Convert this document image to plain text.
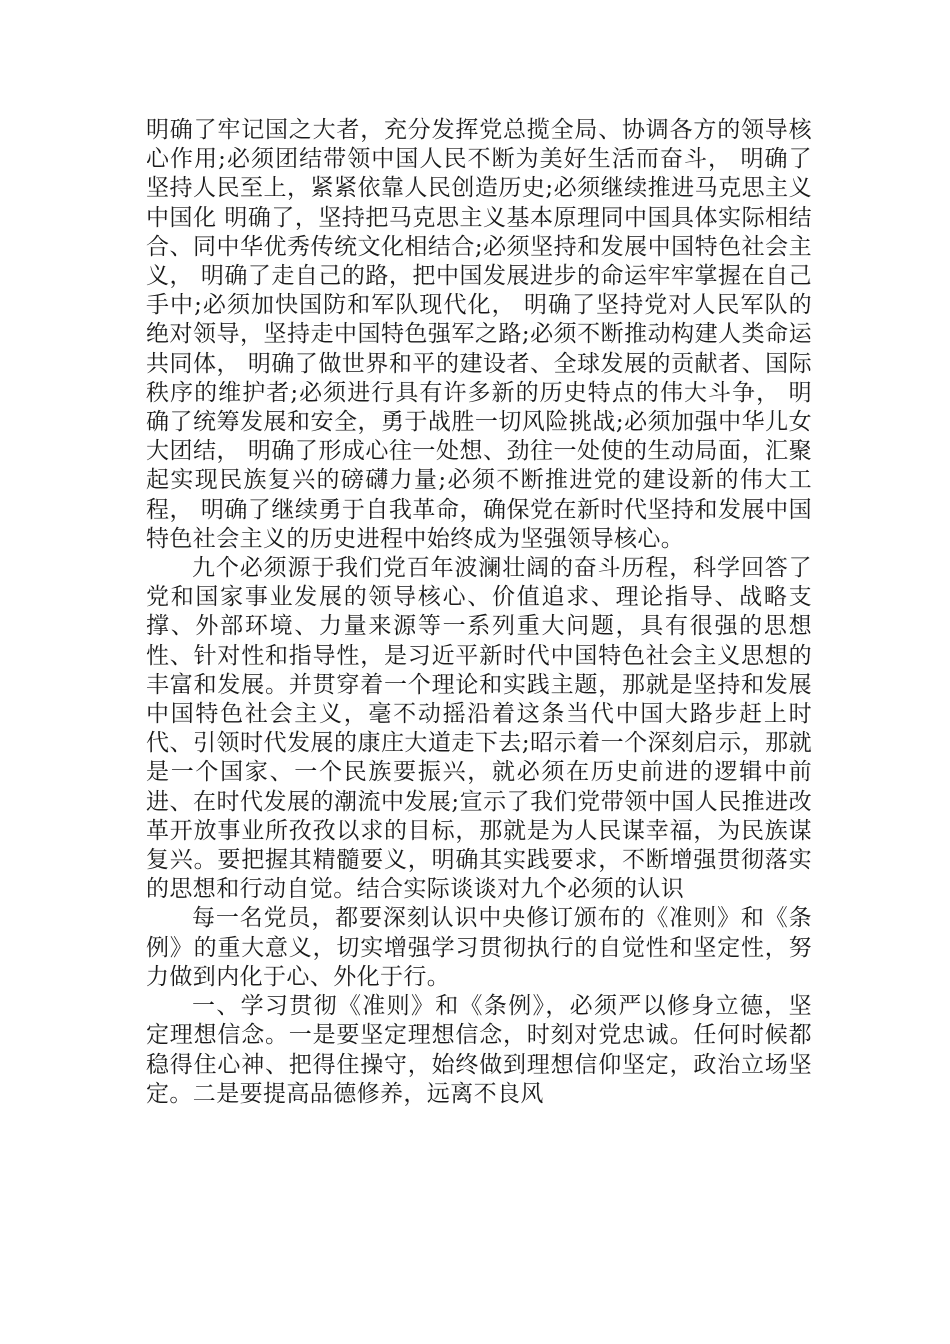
明确了牢记国之大者，充分发挥党总揽全局、协调各方的领导核心作用;必须团结带领中国人民不断为美好生活而奋斗， 明确了坚持人民至上，紧紧依靠人民创造历史;必须继续推进马克思主义中国化 明确了，坚持把马克思主义基本原理同中国具体实际相结合、同中华优秀传统文化相结合;必须坚持和发展中国特色社会主义， 明确了走自己的路，把中国发展进步的命运牢牢掌握在自己手中;必须加快国防和军队现代化， 明确了坚持党对人民军队的绝对领导，坚持走中国特色强军之路;必须不断推动构建人类命运共同体， 明确了做世界和平的建设者、全球发展的贡献者、国际秩序的维护者;必须进行具有许多新的历史特点的伟大斗争， 明确了统筹发展和安全，勇于战胜一切风险挑战;必须加强中华儿女大团结， 明确了形成心往一处想、劲往一处使的生动局面，汇聚起实现民族复兴的磅礴力量;必须不断推进党的建设新的伟大工程， 明确了继续勇于自我革命，确保党在新时代坚持和发展中国特色社会主义的历史进程中始终成为坚强领导核心。

九个必须源于我们党百年波澜壮阔的奋斗历程，科学回答了党和国家事业发展的领导核心、价值追求、理论指导、战略支撑、外部环境、力量来源等一系列重大问题，具有很强的思想性、针对性和指导性，是习近平新时代中国特色社会主义思想的丰富和发展。并贯穿着一个理论和实践主题，那就是坚持和发展中国特色社会主义，毫不动摇沿着这条当代中国大路步赶上时代、引领时代发展的康庄大道走下去;昭示着一个深刻启示，那就是一个国家、一个民族要振兴，就必须在历史前进的逻辑中前进、在时代发展的潮流中发展;宣示了我们党带领中国人民推进改革开放事业所孜孜以求的目标，那就是为人民谋幸福，为民族谋复兴。要把握其精髓要义，明确其实践要求，不断增强贯彻落实的思想和行动自觉。结合实际谈谈对九个必须的认识

每一名党员，都要深刻认识中央修订颁布的《准则》和《条例》的重大意义，切实增强学习贯彻执行的自觉性和坚定性，努力做到内化于心、外化于行。

一、学习贯彻《准则》和《条例》，必须严以修身立德，坚定理想信念。一是要坚定理想信念，时刻对党忠诚。任何时候都稳得住心神、把得住操守，始终做到理想信仰坚定，政治立场坚定。二是要提高品德修养，远离不良风
